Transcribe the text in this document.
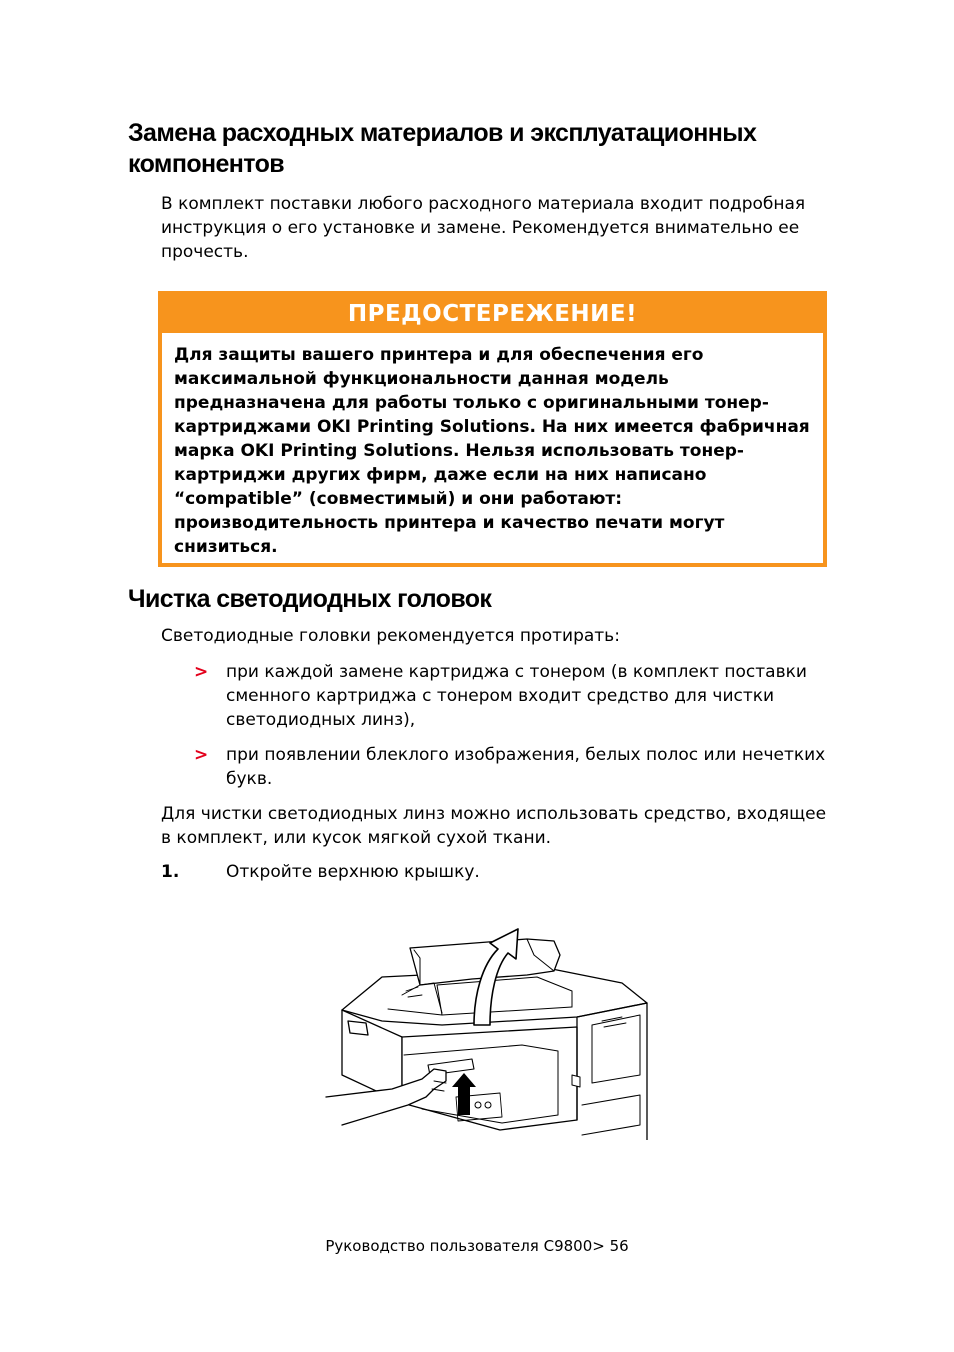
Замена расходных материалов и эксплуатационных компонентов
В комплект поставки любого расходного материала входит подробная инструкция о его установке и замене. Рекомендуется внимательно ее прочесть.
ПРЕДОСТЕРЕЖЕНИЕ!
Для защиты вашего принтера и для обеспечения его максимальной функциональности данная модель предназначена для работы только с оригинальными тонер-картриджами OKI Printing Solutions. На них имеется фабричная марка OKI Printing Solutions. Нельзя использовать тонер-картриджи других фирм, даже если на них написано “compatible” (совместимый) и они работают: производительность принтера и качество печати могут снизиться.
Чистка светодиодных головок
Светодиодные головки рекомендуется протирать:
> при каждой замене картриджа с тонером (в комплект поставки сменного картриджа с тонером входит средство для чистки светодиодных линз),
> при появлении блеклого изображения, белых полос или нечетких букв.
Для чистки светодиодных линз можно использовать средство, входящее в комплект, или кусок мягкой сухой ткани.
1.	Откройте верхнюю крышку.
Руководство пользователя C9800> 56
